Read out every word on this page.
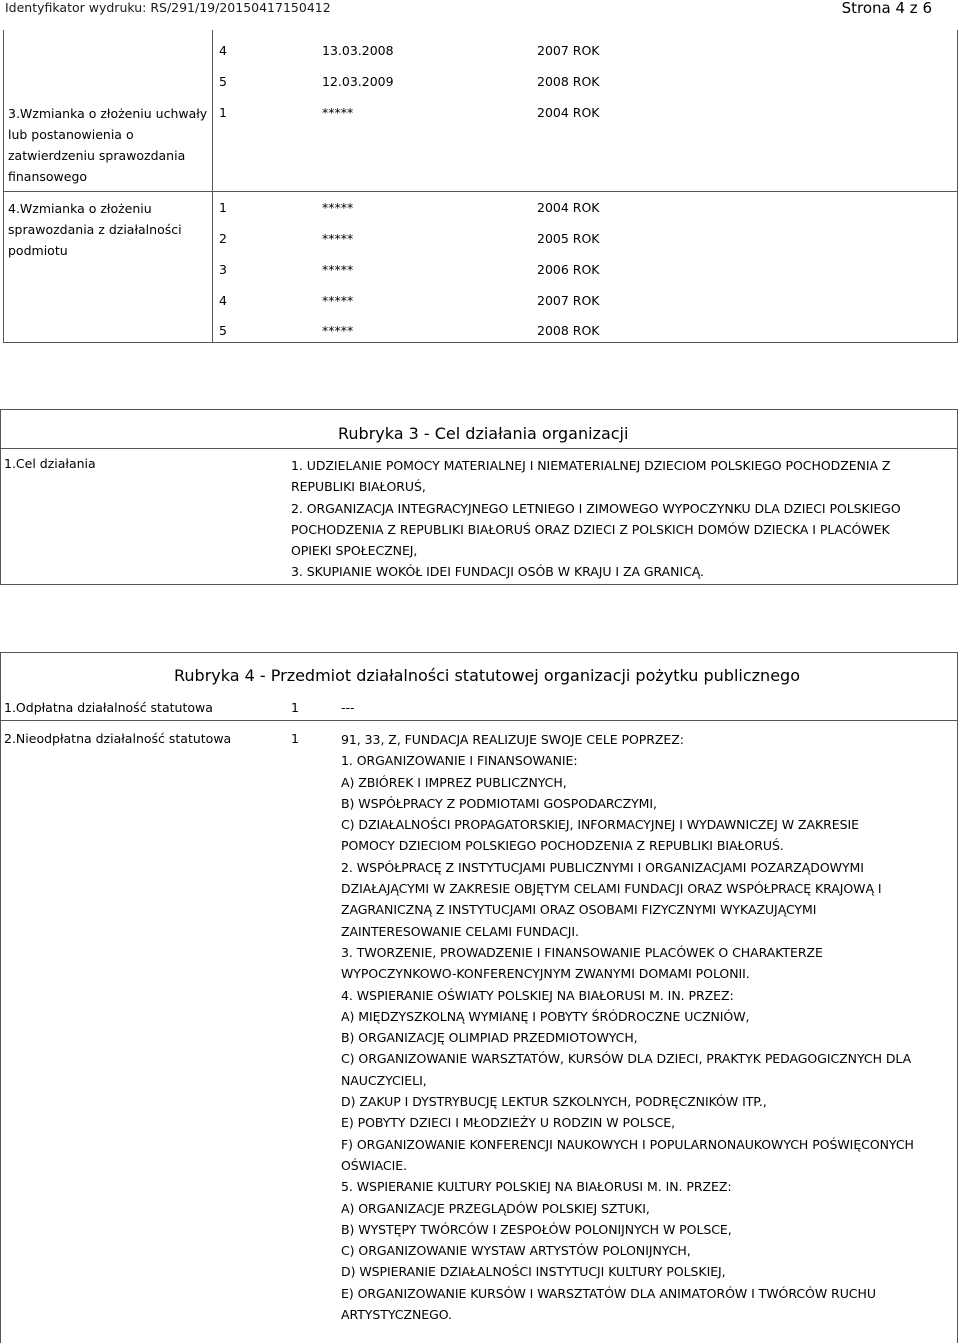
Identyfikator wydruku: RS/291/19/20150417150412	Strona 4 z 6
3.Wzmianka o złożeniu uchwały
lub postanowienia o
zatwierdzeniu sprawozdania
finansowego
4	13.03.2008	2007 ROK
5	12.03.2009	2008 ROK
1	*****	2004 ROK
4.Wzmianka o złożeniu
sprawozdania z działalności
podmiotu
1	*****	2004 ROK
2	*****	2005 ROK
3	*****	2006 ROK
4	*****	2007 ROK
5	*****	2008 ROK
Rubryka 3 - Cel działania organizacji
1.Cel działania	1. UDZIELANIE POMOCY MATERIALNEJ I NIEMATERIALNEJ DZIECIOM POLSKIEGO POCHODZENIA Z
REPUBLIKI BIAŁORUŚ,
2. ORGANIZACJA INTEGRACYJNEGO LETNIEGO I ZIMOWEGO WYPOCZYNKU DLA DZIECI POLSKIEGO
POCHODZENIA Z REPUBLIKI BIAŁORUŚ ORAZ DZIECI Z POLSKICH DOMÓW DZIECKA I PLACÓWEK
OPIEKI SPOŁECZNEJ,
3. SKUPIANIE WOKÓŁ IDEI FUNDACJI OSÓB W KRAJU I ZA GRANICĄ.
Rubryka 4 - Przedmiot działalności statutowej organizacji pożytku publicznego
1.Odpłatna działalność statutowa	1	---
2.Nieodpłatna działalność statutowa	1	91, 33, Z, FUNDACJA REALIZUJE SWOJE CELE POPRZEZ:
1. ORGANIZOWANIE I FINANSOWANIE:
A) ZBIÓREK I IMPREZ PUBLICZNYCH,
B) WSPÓŁPRACY Z PODMIOTAMI GOSPODARCZYMI,
C) DZIAŁALNOŚCI PROPAGATORSKIEJ, INFORMACYJNEJ I WYDAWNICZEJ W ZAKRESIE
POMOCY DZIECIOM POLSKIEGO POCHODZENIA Z REPUBLIKI BIAŁORUŚ.
2. WSPÓŁPRACĘ Z INSTYTUCJAMI PUBLICZNYMI I ORGANIZACJAMI POZARZĄDOWYMI
DZIAŁAJĄCYMI W ZAKRESIE OBJĘTYM CELAMI FUNDACJI ORAZ WSPÓŁPRACĘ KRAJOWĄ I
ZAGRANICZNĄ Z INSTYTUCJAMI ORAZ OSOBAMI FIZYCZNYMI WYKAZUJĄCYMI
ZAINTERESOWANIE CELAMI FUNDACJI.
3. TWORZENIE, PROWADZENIE I FINANSOWANIE PLACÓWEK O CHARAKTERZE
WYPOCZYNKOWO-KONFERENCYJNYM ZWANYMI DOMAMI POLONII.
4. WSPIERANIE OŚWIATY POLSKIEJ NA BIAŁORUSI M. IN. PRZEZ:
A) MIĘDZYSZKOLNĄ WYMIANĘ I POBYTY ŚRÓDROCZNE UCZNIÓW,
B) ORGANIZACJĘ OLIMPIAD PRZEDMIOTOWYCH,
C) ORGANIZOWANIE WARSZTATÓW, KURSÓW DLA DZIECI, PRAKTYK PEDAGOGICZNYCH DLA
NAUCZYCIELI,
D) ZAKUP I DYSTRYBUCJĘ LEKTUR SZKOLNYCH, PODRĘCZNIKÓW ITP.,
E) POBYTY DZIECI I MŁODZIEŻY U RODZIN W POLSCE,
F) ORGANIZOWANIE KONFERENCJI NAUKOWYCH I POPULARNONAUKOWYCH POŚWIĘCONYCH
OŚWIACIE.
5. WSPIERANIE KULTURY POLSKIEJ NA BIAŁORUSI M. IN. PRZEZ:
A) ORGANIZACJE PRZEGLĄDÓW POLSKIEJ SZTUKI,
B) WYSTĘPY TWÓRCÓW I ZESPOŁÓW POLONIJNYCH W POLSCE,
C) ORGANIZOWANIE WYSTAW ARTYSTÓW POLONIJNYCH,
D) WSPIERANIE DZIAŁALNOŚCI INSTYTUCJI KULTURY POLSKIEJ,
E) ORGANIZOWANIE KURSÓW I WARSZTATÓW DLA ANIMATORÓW I TWÓRCÓW RUCHU
ARTYSTYCZNEGO.
